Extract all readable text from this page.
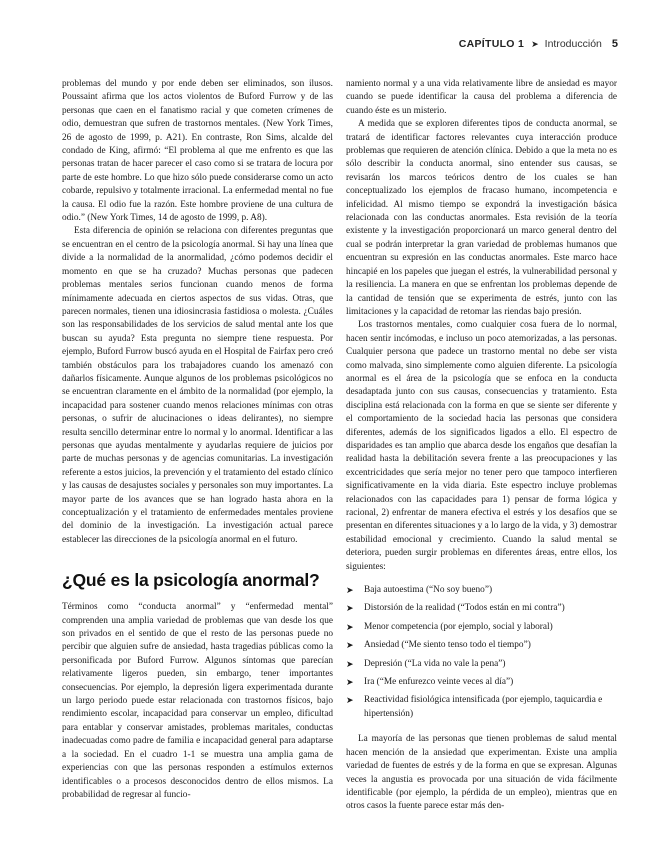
CAPÍTULO 1 ➤ Introducción 5

problemas del mundo y por ende deben ser eliminados, son ilusos. Poussaint afirma que los actos violentos de Buford Furrow y de las personas que caen en el fanatismo racial y que cometen crímenes de odio, demuestran que sufren de trastornos mentales. (New York Times, 26 de agosto de 1999, p. A21). En contraste, Ron Sims, alcalde del condado de King, afirmó: “El problema al que me enfrento es que las personas tratan de hacer parecer el caso como si se tratara de locura por parte de este hombre. Lo que hizo sólo puede considerarse como un acto cobarde, repulsivo y totalmente irracional. La enfermedad mental no fue la causa. El odio fue la razón. Este hombre proviene de una cultura de odio.” (New York Times, 14 de agosto de 1999, p. A8).

Esta diferencia de opinión se relaciona con diferentes preguntas que se encuentran en el centro de la psicología anormal. Si hay una línea que divide a la normalidad de la anormalidad, ¿cómo podemos decidir el momento en que se ha cruzado? Muchas personas que padecen problemas mentales serios funcionan cuando menos de forma mínimamente adecuada en ciertos aspectos de sus vidas. Otras, que parecen normales, tienen una idiosincrasia fastidiosa o molesta. ¿Cuáles son las responsabilidades de los servicios de salud mental ante los que buscan su ayuda? Esta pregunta no siempre tiene respuesta. Por ejemplo, Buford Furrow buscó ayuda en el Hospital de Fairfax pero creó también obstáculos para los trabajadores cuando los amenazó con dañarlos físicamente. Aunque algunos de los problemas psicológicos no se encuentran claramente en el ámbito de la normalidad (por ejemplo, la incapacidad para sostener cuando menos relaciones mínimas con otras personas, o sufrir de alucinaciones o ideas delirantes), no siempre resulta sencillo determinar entre lo normal y lo anormal. Identificar a las personas que ayudas mentalmente y ayudarlas requiere de juicios por parte de muchas personas y de agencias comunitarias. La investigación referente a estos juicios, la prevención y el tratamiento del estado clínico y las causas de desajustes sociales y personales son muy importantes. La mayor parte de los avances que se han logrado hasta ahora en la conceptualización y el tratamiento de enfermedades mentales proviene del dominio de la investigación. La investigación actual parece establecer las direcciones de la psicología anormal en el futuro.

¿Qué es la psicología anormal?

Términos como “conducta anormal” y “enfermedad mental” comprenden una amplia variedad de problemas que van desde los que son privados en el sentido de que el resto de las personas puede no percibir que alguien sufre de ansiedad, hasta tragedias públicas como la personificada por Buford Furrow. Algunos síntomas que parecían relativamente ligeros pueden, sin embargo, tener importantes consecuencias. Por ejemplo, la depresión ligera experimentada durante un largo periodo puede estar relacionada con trastornos físicos, bajo rendimiento escolar, incapacidad para conservar un empleo, dificultad para entablar y conservar amistades, problemas maritales, conductas inadecuadas como padre de familia e incapacidad general para adaptarse a la sociedad. En el cuadro 1-1 se muestra una amplia gama de experiencias con que las personas responden a estímulos externos identificables o a procesos desconocidos dentro de ellos mismos. La probabilidad de regresar al funcio-

namiento normal y a una vida relativamente libre de ansiedad es mayor cuando se puede identificar la causa del problema a diferencia de cuando éste es un misterio.

A medida que se exploren diferentes tipos de conducta anormal, se tratará de identificar factores relevantes cuya interacción produce problemas que requieren de atención clínica. Debido a que la meta no es sólo describir la conducta anormal, sino entender sus causas, se revisarán los marcos teóricos dentro de los cuales se han conceptualizado los ejemplos de fracaso humano, incompetencia e infelicidad. Al mismo tiempo se expondrá la investigación básica relacionada con las conductas anormales. Esta revisión de la teoría existente y la investigación proporcionará un marco general dentro del cual se podrán interpretar la gran variedad de problemas humanos que encuentran su expresión en las conductas anormales. Este marco hace hincapié en los papeles que juegan el estrés, la vulnerabilidad personal y la resiliencia. La manera en que se enfrentan los problemas depende de la cantidad de tensión que se experimenta de estrés, junto con las limitaciones y la capacidad de retomar las riendas bajo presión.

Los trastornos mentales, como cualquier cosa fuera de lo normal, hacen sentir incómodas, e incluso un poco atemorizadas, a las personas. Cualquier persona que padece un trastorno mental no debe ser vista como malvada, sino simplemente como alguien diferente. La psicología anormal es el área de la psicología que se enfoca en la conducta desadaptada junto con sus causas, consecuencias y tratamiento. Esta disciplina está relacionada con la forma en que se siente ser diferente y el comportamiento de la sociedad hacia las personas que considera diferentes, además de los significados ligados a ello. El espectro de disparidades es tan amplio que abarca desde los engaños que desafían la realidad hasta la debilitación severa frente a las preocupaciones y las excentricidades que sería mejor no tener pero que tampoco interfieren significativamente en la vida diaria. Este espectro incluye problemas relacionados con las capacidades para 1) pensar de forma lógica y racional, 2) enfrentar de manera efectiva el estrés y los desafíos que se presentan en diferentes situaciones y a lo largo de la vida, y 3) demostrar estabilidad emocional y crecimiento. Cuando la salud mental se deteriora, pueden surgir problemas en diferentes áreas, entre ellos, los siguientes:

➤ Baja autoestima (“No soy bueno”)
➤ Distorsión de la realidad (“Todos están en mi contra”)
➤ Menor competencia (por ejemplo, social y laboral)
➤ Ansiedad (“Me siento tenso todo el tiempo”)
➤ Depresión (“La vida no vale la pena”)
➤ Ira (“Me enfurezco veinte veces al día”)
➤ Reactividad fisiológica intensificada (por ejemplo, taquicardia e hipertensión)

La mayoría de las personas que tienen problemas de salud mental hacen mención de la ansiedad que experimentan. Existe una amplia variedad de fuentes de estrés y de la forma en que se expresan. Algunas veces la angustia es provocada por una situación de vida fácilmente identificable (por ejemplo, la pérdida de un empleo), mientras que en otros casos la fuente parece estar más den-
